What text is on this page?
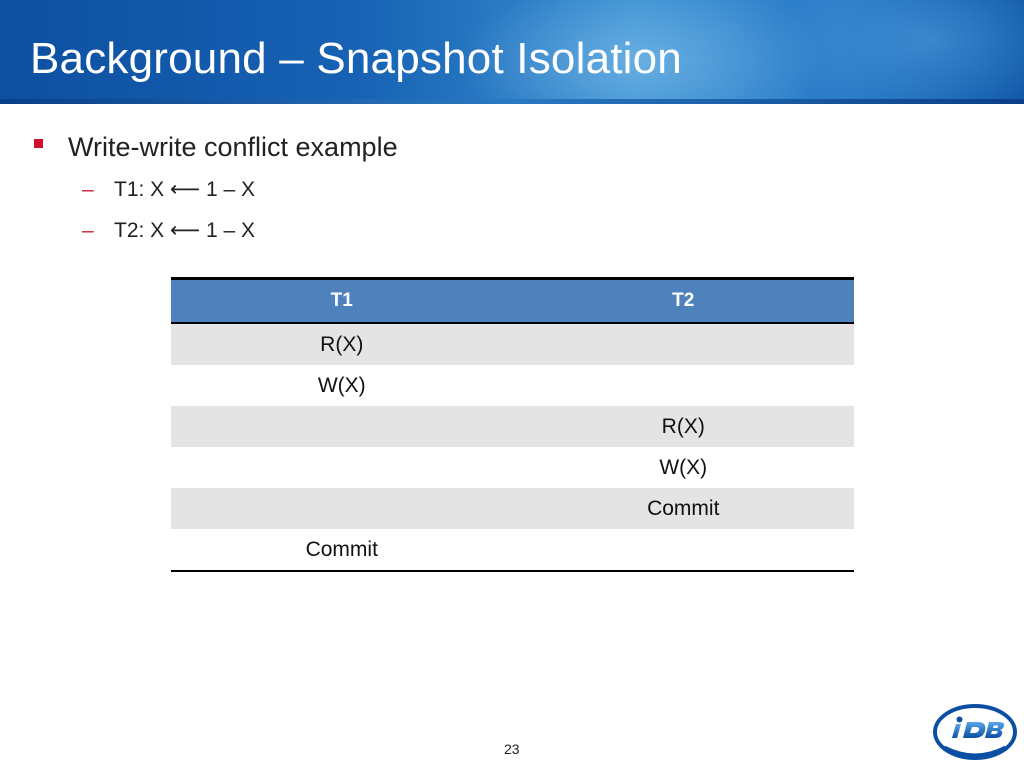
Background – Snapshot Isolation
Write-write conflict example
– T1: X ⟵ 1 – X
– T2: X ⟵ 1 – X
T1	T2
R(X)	
W(X)	
	R(X)
	W(X)
	Commit
Commit	
23
